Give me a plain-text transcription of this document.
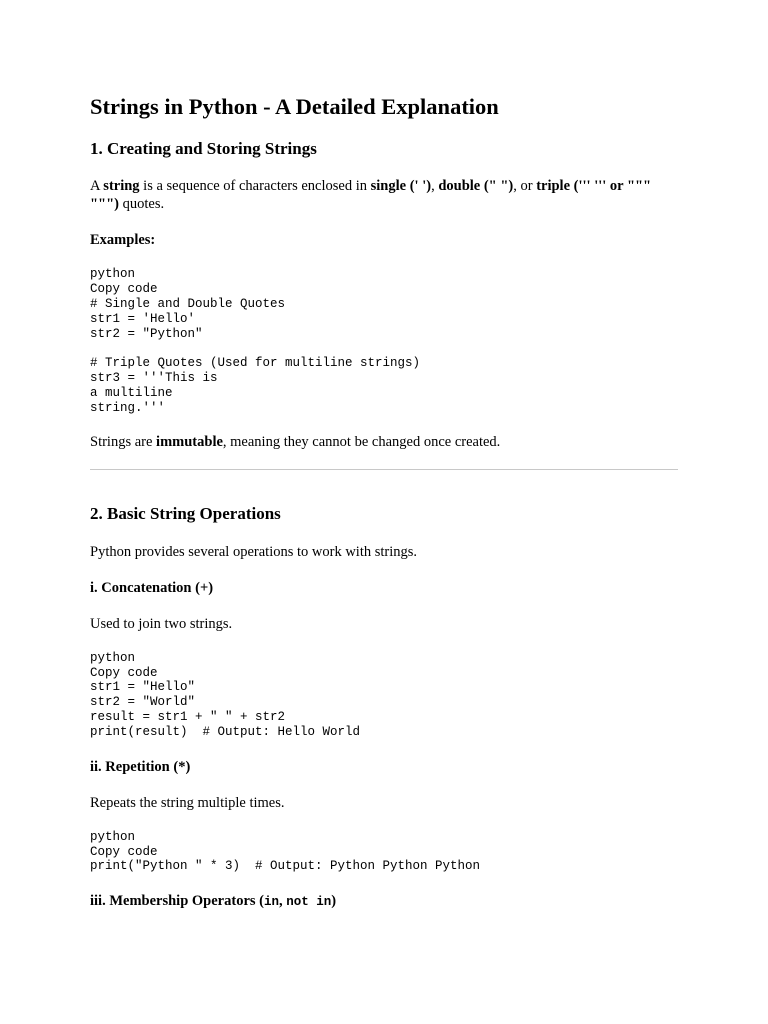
Strings in Python - A Detailed Explanation
1. Creating and Storing Strings

A string is a sequence of characters enclosed in single (' '), double (" "), or triple (''' ''' or """ """) quotes.

Examples:
python
Copy code
# Single and Double Quotes
str1 = 'Hello'
str2 = "Python"

# Triple Quotes (Used for multiline strings)
str3 = '''This is
a multiline
string.'''

Strings are immutable, meaning they cannot be changed once created.

2. Basic String Operations

Python provides several operations to work with strings.

i. Concatenation (+)

Used to join two strings.

python
Copy code
str1 = "Hello"
str2 = "World"
result = str1 + " " + str2
print(result)  # Output: Hello World
ii. Repetition (*)

Repeats the string multiple times.

python
Copy code
print("Python " * 3)  # Output: Python Python Python
iii. Membership Operators (in, not in)
